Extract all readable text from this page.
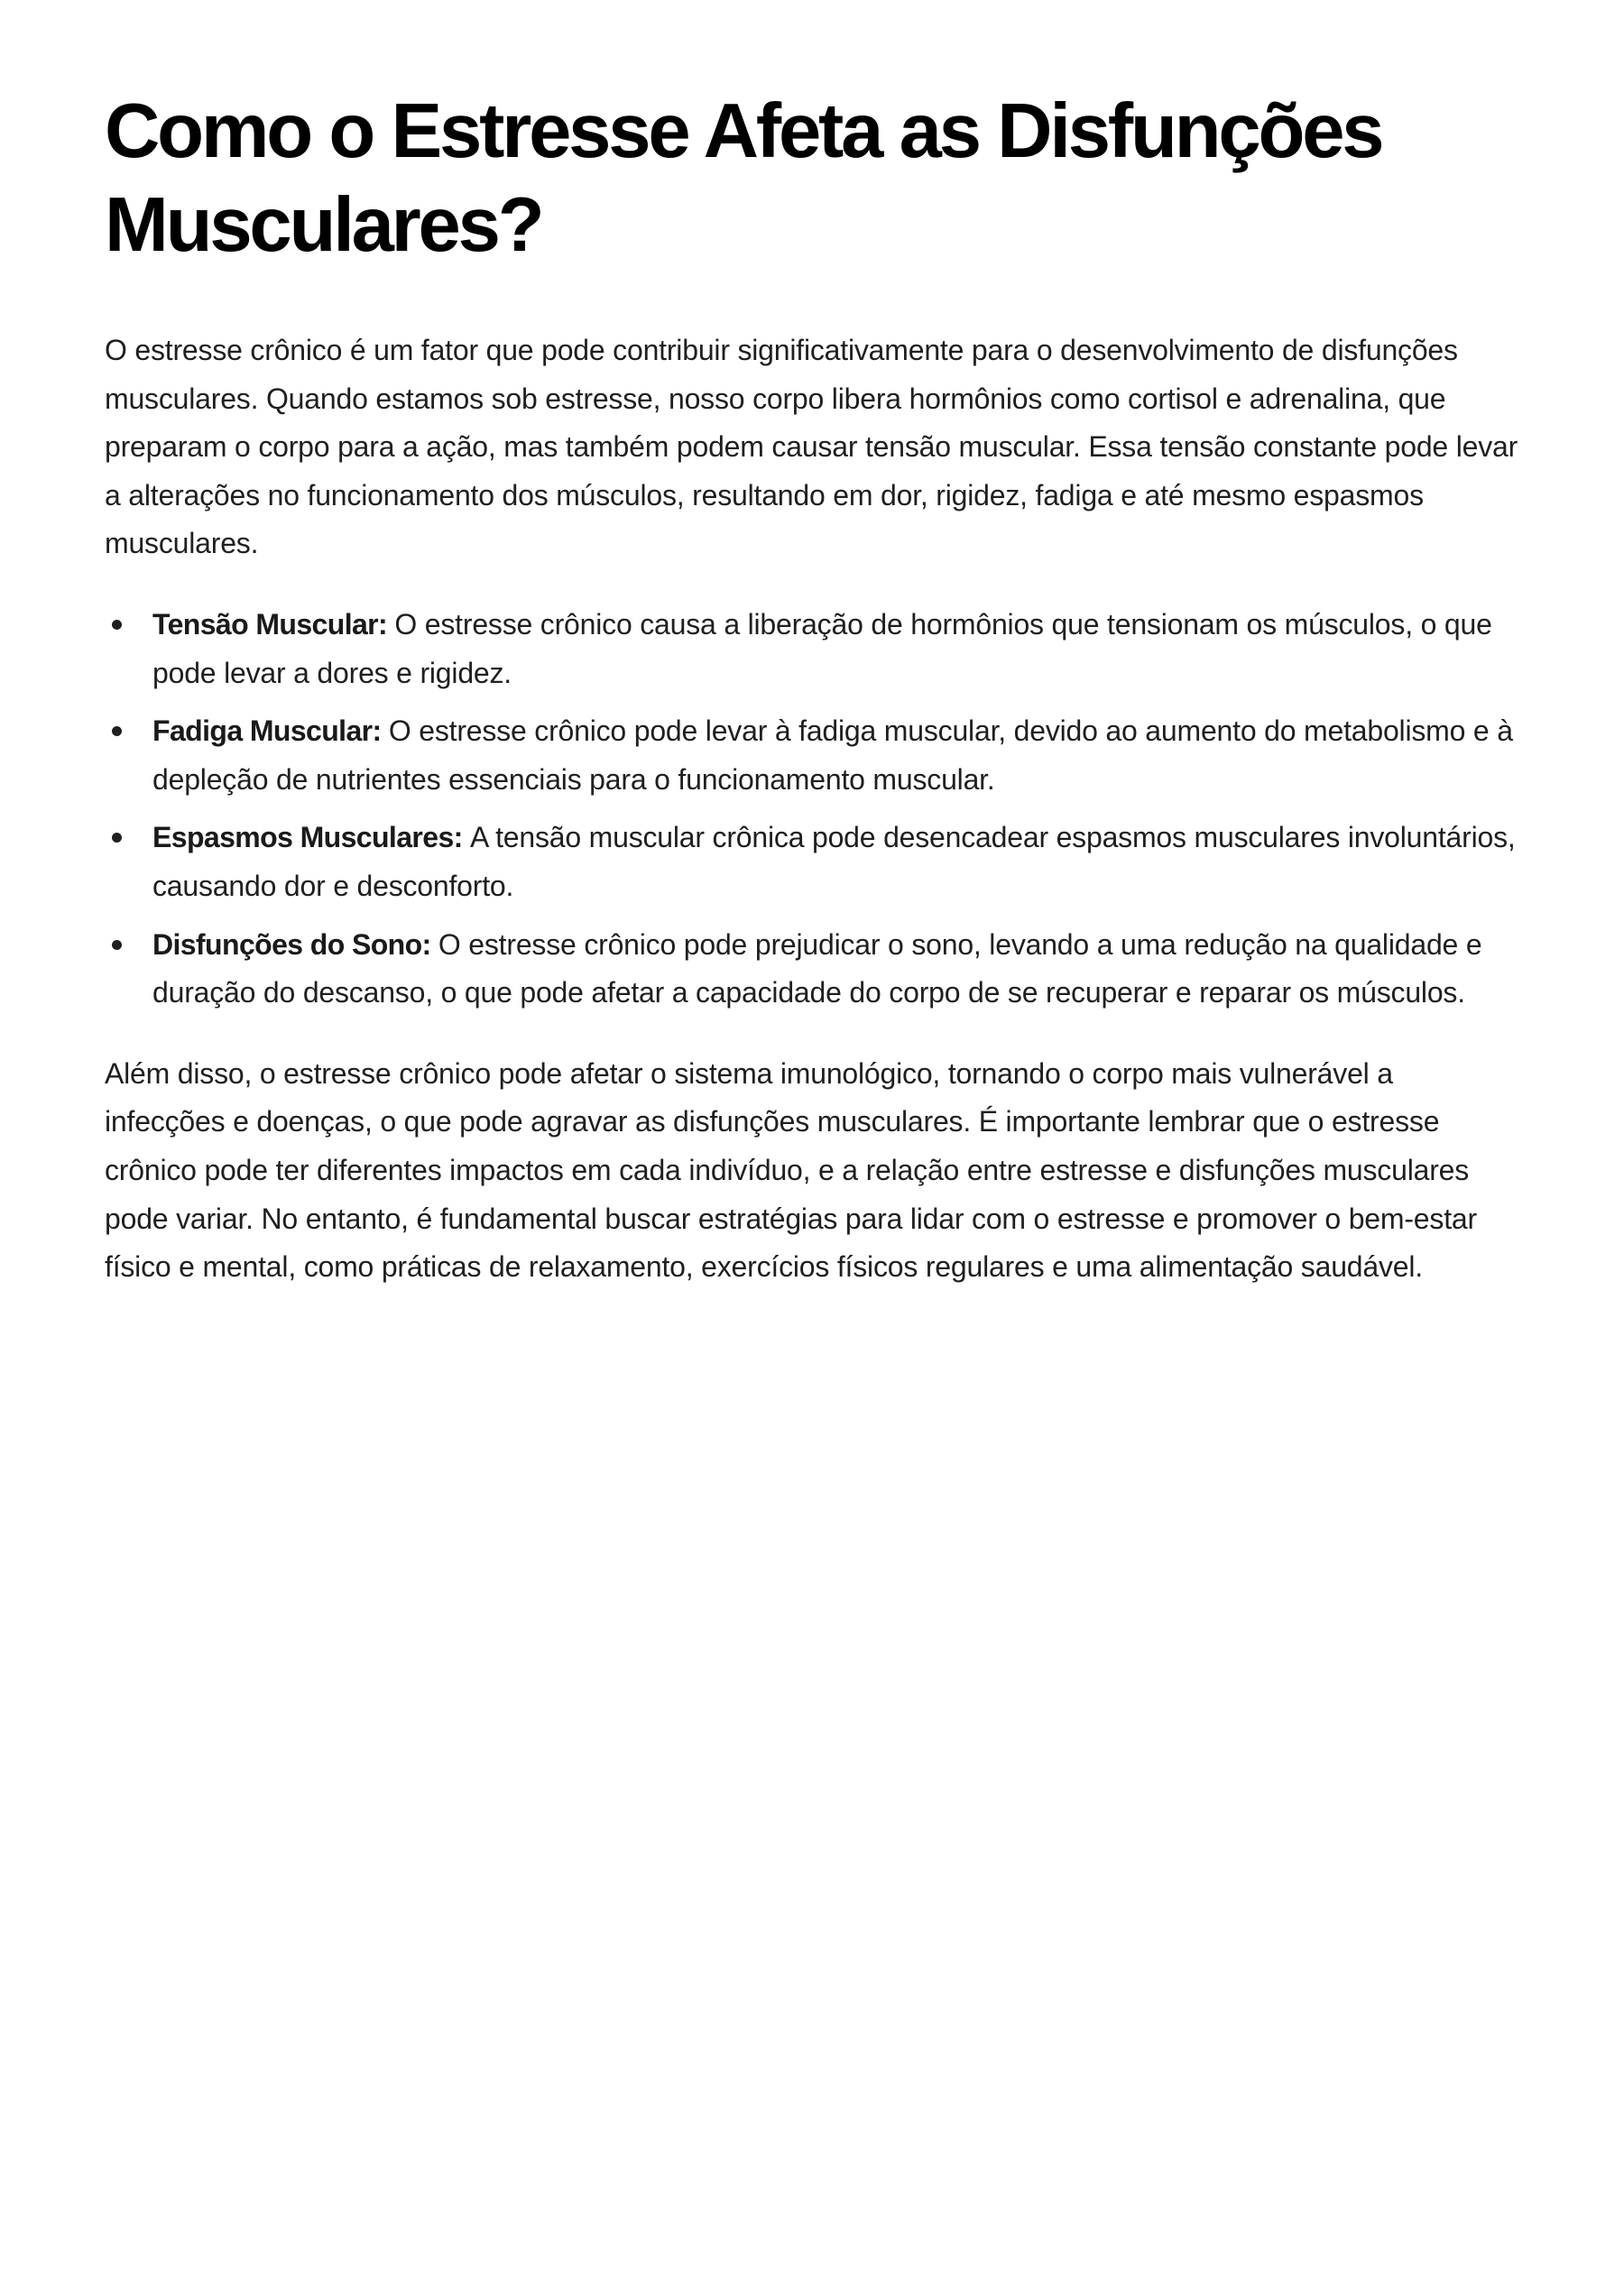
Como o Estresse Afeta as Disfunções Musculares?

O estresse crônico é um fator que pode contribuir significativamente para o desenvolvimento de disfunções musculares. Quando estamos sob estresse, nosso corpo libera hormônios como cortisol e adrenalina, que preparam o corpo para a ação, mas também podem causar tensão muscular. Essa tensão constante pode levar a alterações no funcionamento dos músculos, resultando em dor, rigidez, fadiga e até mesmo espasmos musculares.

Tensão Muscular: O estresse crônico causa a liberação de hormônios que tensionam os músculos, o que pode levar a dores e rigidez.
Fadiga Muscular: O estresse crônico pode levar à fadiga muscular, devido ao aumento do metabolismo e à depleção de nutrientes essenciais para o funcionamento muscular.
Espasmos Musculares: A tensão muscular crônica pode desencadear espasmos musculares involuntários, causando dor e desconforto.
Disfunções do Sono: O estresse crônico pode prejudicar o sono, levando a uma redução na qualidade e duração do descanso, o que pode afetar a capacidade do corpo de se recuperar e reparar os músculos.

Além disso, o estresse crônico pode afetar o sistema imunológico, tornando o corpo mais vulnerável a infecções e doenças, o que pode agravar as disfunções musculares. É importante lembrar que o estresse crônico pode ter diferentes impactos em cada indivíduo, e a relação entre estresse e disfunções musculares pode variar. No entanto, é fundamental buscar estratégias para lidar com o estresse e promover o bem-estar físico e mental, como práticas de relaxamento, exercícios físicos regulares e uma alimentação saudável.
